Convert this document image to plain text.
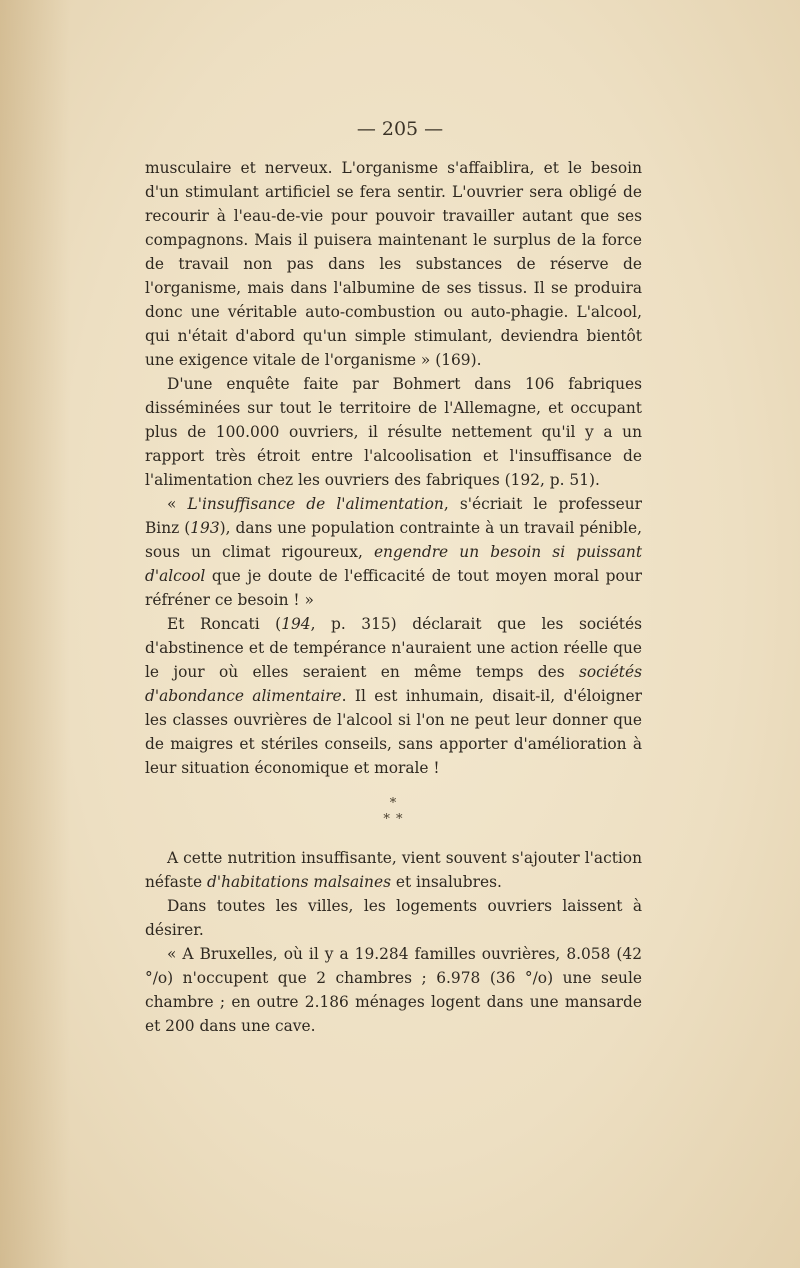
— 205 —

musculaire et nerveux. L'organisme s'affaiblira, et le besoin d'un stimulant artificiel se fera sentir. L'ouvrier sera obligé de recourir à l'eau-de-vie pour pouvoir travailler autant que ses compagnons. Mais il puisera maintenant le surplus de la force de travail non pas dans les substances de réserve de l'organisme, mais dans l'albumine de ses tissus. Il se produira donc une véritable auto-combustion ou auto-phagie. L'alcool, qui n'était d'abord qu'un simple stimulant, deviendra bientôt une exigence vitale de l'organisme » (169).

D'une enquête faite par Bohmert dans 106 fabriques disséminées sur tout le territoire de l'Allemagne, et occupant plus de 100.000 ouvriers, il résulte nettement qu'il y a un rapport très étroit entre l'alcoolisation et l'insuffisance de l'alimentation chez les ouvriers des fabriques (192, p. 51).

« L'insuffisance de l'alimentation, s'écriait le professeur Binz (193), dans une population contrainte à un travail pénible, sous un climat rigoureux, engendre un besoin si puissant d'alcool que je doute de l'efficacité de tout moyen moral pour réfréner ce besoin ! »

Et Roncati (194, p. 315) déclarait que les sociétés d'abstinence et de tempérance n'auraient une action réelle que le jour où elles seraient en même temps des sociétés d'abondance alimentaire. Il est inhumain, disait-il, d'éloigner les classes ouvrières de l'alcool si l'on ne peut leur donner que de maigres et stériles conseils, sans apporter d'amélioration à leur situation économique et morale !

*
* *

A cette nutrition insuffisante, vient souvent s'ajouter l'action néfaste d'habitations malsaines et insalubres.

Dans toutes les villes, les logements ouvriers laissent à désirer.

« A Bruxelles, où il y a 19.284 familles ouvrières, 8.058 (42 °/o) n'occupent que 2 chambres ; 6.978 (36 °/o) une seule chambre ; en outre 2.186 ménages logent dans une mansarde et 200 dans une cave.
